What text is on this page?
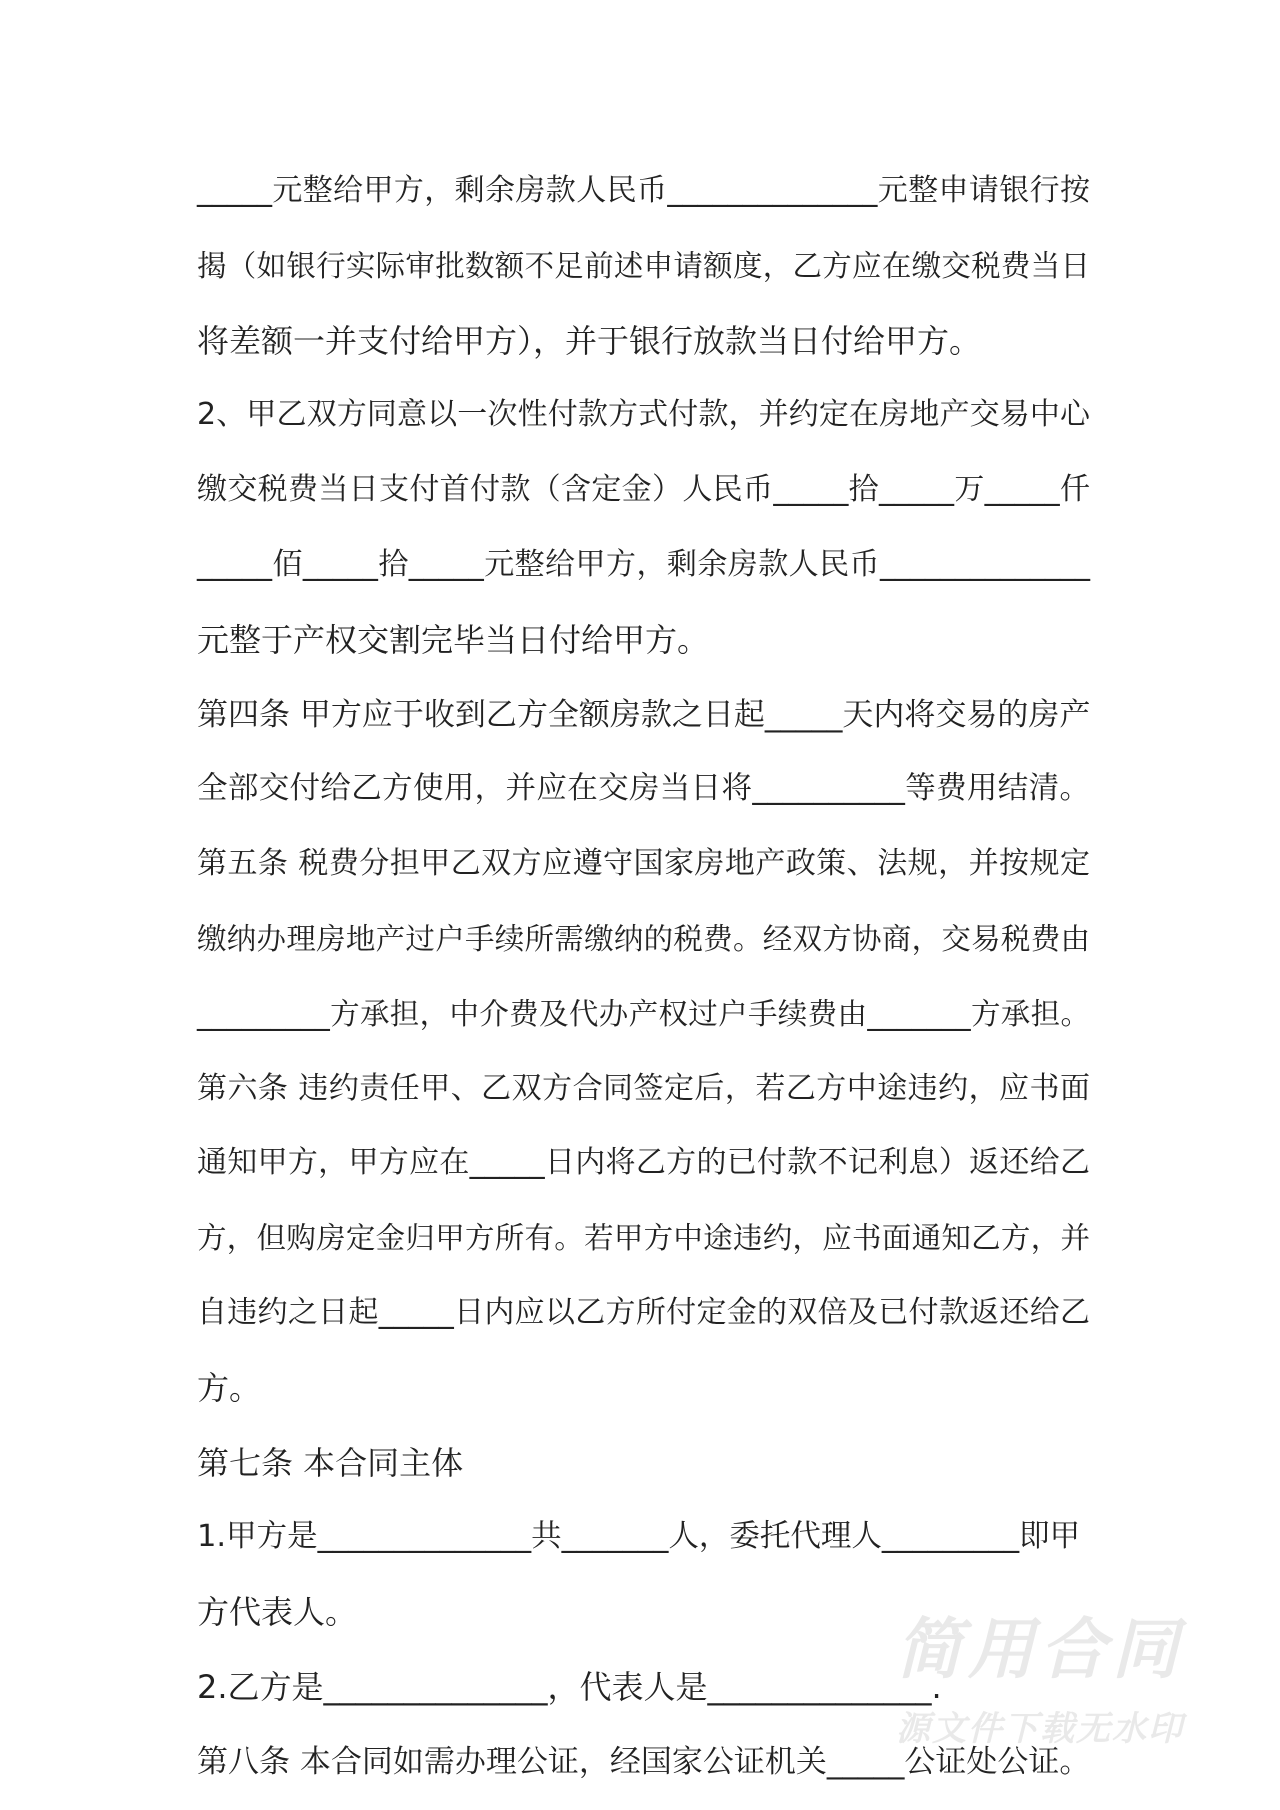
_____元整给甲方，剩余房款人民币______________元整申请银行按
揭（如银行实际审批数额不足前述申请额度，乙方应在缴交税费当日
将差额一并支付给甲方），并于银行放款当日付给甲方。
2、甲乙双方同意以一次性付款方式付款，并约定在房地产交易中心
缴交税费当日支付首付款（含定金）人民币_____拾_____万_____仟
_____佰_____拾_____元整给甲方，剩余房款人民币______________
元整于产权交割完毕当日付给甲方。
第四条 甲方应于收到乙方全额房款之日起_____天内将交易的房产
全部交付给乙方使用，并应在交房当日将__________等费用结清。
第五条 税费分担甲乙双方应遵守国家房地产政策、法规，并按规定
缴纳办理房地产过户手续所需缴纳的税费。经双方协商，交易税费由
_________方承担，中介费及代办产权过户手续费由_______方承担。
第六条 违约责任甲、乙双方合同签定后，若乙方中途违约，应书面
通知甲方，甲方应在_____日内将乙方的已付款不记利息）返还给乙
方，但购房定金归甲方所有。若甲方中途违约，应书面通知乙方，并
自违约之日起_____日内应以乙方所付定金的双倍及已付款返还给乙
方。
第七条 本合同主体
1.甲方是______________共_______人，委托代理人_________即甲
方代表人。
2.乙方是______________，代表人是______________.
第八条 本合同如需办理公证，经国家公证机关_____公证处公证。
简用合同
源文件下载无水印
